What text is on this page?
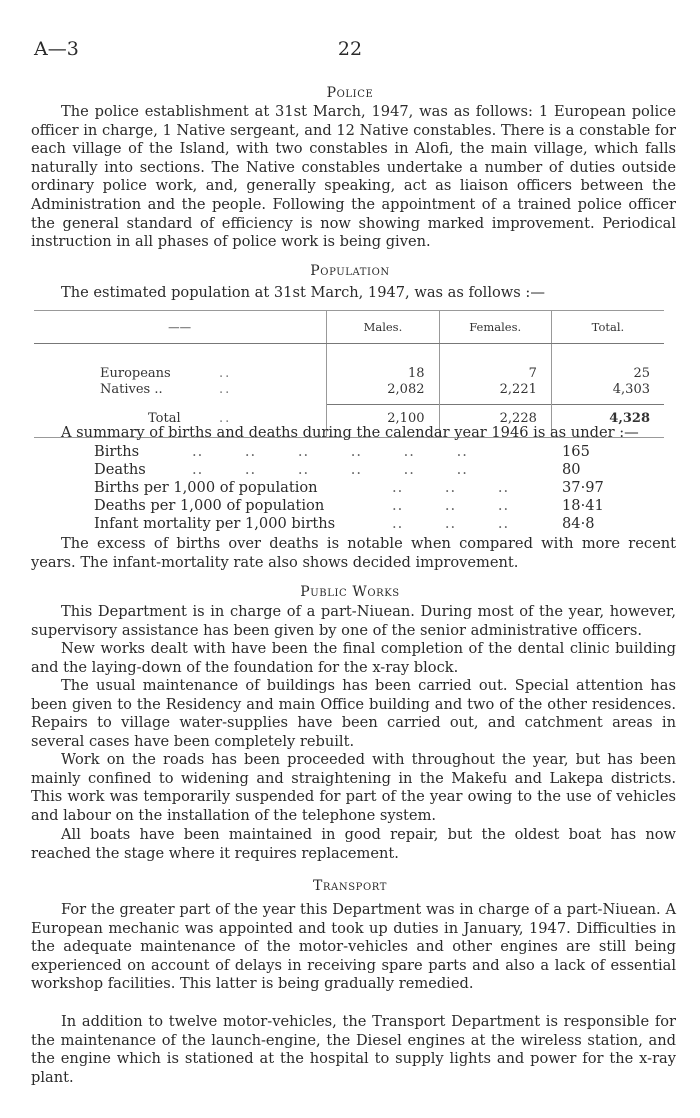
A—3	22
Police

The police establishment at 31st March, 1947, was as follows: 1 European police officer in charge, 1 Native sergeant, and 12 Native constables. There is a constable for each village of the Island, with two constables in Alofi, the main village, which falls naturally into sections. The Native constables undertake a number of duties outside ordinary police work, and, generally speaking, act as liaison officers between the Administration and the people. Following the appointment of a trained police officer the general standard of efficiency is now showing marked improvement. Periodical instruction in all phases of police work is being given.

Population

The estimated population at 31st March, 1947, was as follows :—

——	Males.	Females.	Total.

Europeans ..	18	7	25
Natives .. ..	2,082	2,221	4,303

Total ..	2,100	2,228	4,328

A summary of births and deaths during the calendar year 1946 is as under :—

Births	.. .. .. .. .. ..	165
Deaths	.. .. .. .. .. ..	80
Births per 1,000 of population	.. .. ..	37·97
Deaths per 1,000 of population	.. .. ..	18·41
Infant mortality per 1,000 births	.. .. ..	84·8

The excess of births over deaths is notable when compared with more recent years. The infant-mortality rate also shows decided improvement.

Public Works

This Department is in charge of a part-Niuean. During most of the year, however, supervisory assistance has been given by one of the senior administrative officers.

New works dealt with have been the final completion of the dental clinic building and the laying-down of the foundation for the x-ray block.

The usual maintenance of buildings has been carried out. Special attention has been given to the Residency and main Office building and two of the other residences. Repairs to village water-supplies have been carried out, and catchment areas in several cases have been completely rebuilt.

Work on the roads has been proceeded with throughout the year, but has been mainly confined to widening and straightening in the Makefu and Lakepa districts. This work was temporarily suspended for part of the year owing to the use of vehicles and labour on the installation of the telephone system.

All boats have been maintained in good repair, but the oldest boat has now reached the stage where it requires replacement.

Transport

For the greater part of the year this Department was in charge of a part-Niuean. A European mechanic was appointed and took up duties in January, 1947. Difficulties in the adequate maintenance of the motor-vehicles and other engines are still being experienced on account of delays in receiving spare parts and also a lack of essential workshop facilities. This latter is being gradually remedied.

In addition to twelve motor-vehicles, the Transport Department is responsible for the maintenance of the launch-engine, the Diesel engines at the wireless station, and the engine which is stationed at the hospital to supply lights and power for the x-ray plant.
